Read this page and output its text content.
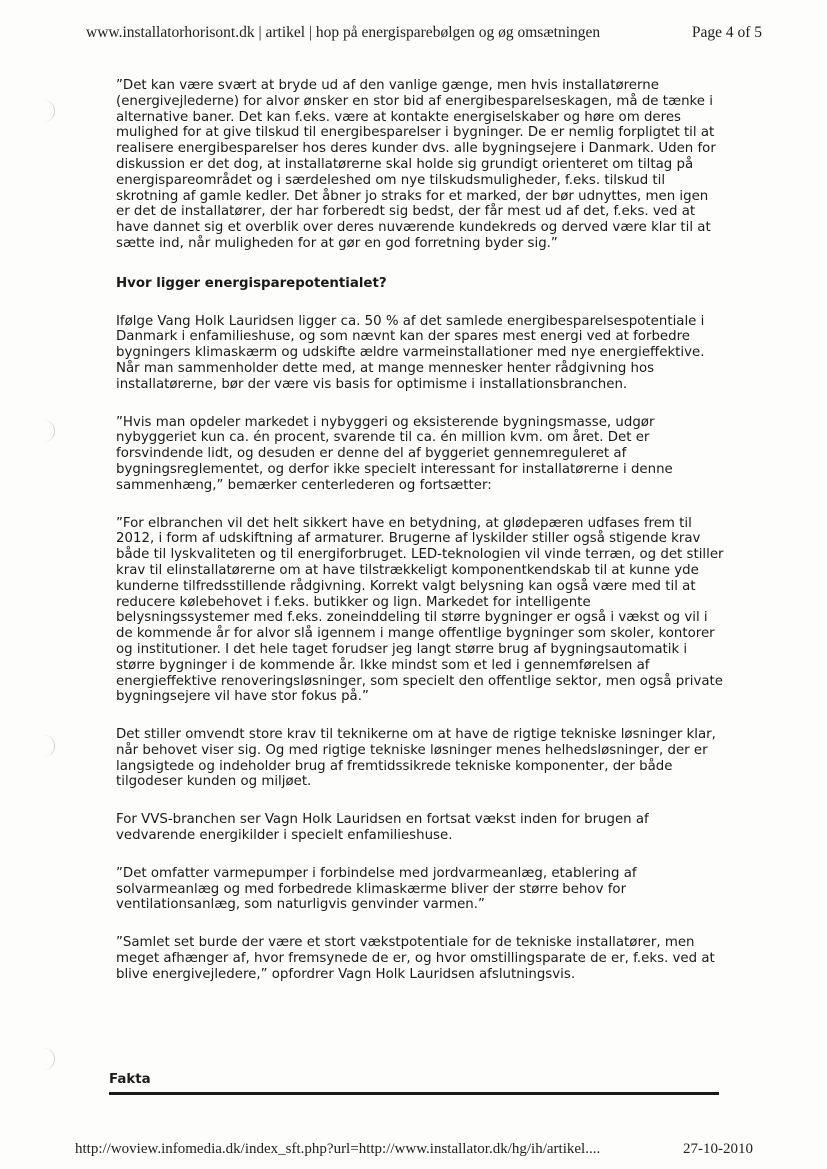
www.installatorhorisont.dk | artikel | hop på energisparebølgen og øg omsætningen	Page 4 of 5

”Det kan være svært at bryde ud af den vanlige gænge, men hvis installatørerne (energivejlederne) for alvor ønsker en stor bid af energibesparelseskagen, må de tænke i alternative baner. Det kan f.eks. være at kontakte energiselskaber og høre om deres mulighed for at give tilskud til energibesparelser i bygninger. De er nemlig forpligtet til at realisere energibesparelser hos deres kunder dvs. alle bygningsejere i Danmark. Uden for diskussion er det dog, at installatørerne skal holde sig grundigt orienteret om tiltag på energispareområdet og i særdeleshed om nye tilskudsmuligheder, f.eks. tilskud til skrotning af gamle kedler. Det åbner jo straks for et marked, der bør udnyttes, men igen er det de installatører, der har forberedt sig bedst, der får mest ud af det, f.eks. ved at have dannet sig et overblik over deres nuværende kundekreds og derved være klar til at sætte ind, når muligheden for at gør en god forretning byder sig.”

Hvor ligger energisparepotentialet?

Ifølge Vang Holk Lauridsen ligger ca. 50 % af det samlede energibesparelsespotentiale i Danmark i enfamilieshuse, og som nævnt kan der spares mest energi ved at forbedre bygningers klimaskærm og udskifte ældre varmeinstallationer med nye energieffektive. Når man sammenholder dette med, at mange mennesker henter rådgivning hos installatørerne, bør der være vis basis for optimisme i installationsbranchen.

”Hvis man opdeler markedet i nybyggeri og eksisterende bygningsmasse, udgør nybyggeriet kun ca. én procent, svarende til ca. én million kvm. om året. Det er forsvindende lidt, og desuden er denne del af byggeriet gennemreguleret af bygningsreglementet, og derfor ikke specielt interessant for installatørerne i denne sammenhæng,” bemærker centerlederen og fortsætter:

”For elbranchen vil det helt sikkert have en betydning, at glødepæren udfases frem til 2012, i form af udskiftning af armaturer. Brugerne af lyskilder stiller også stigende krav både til lyskvaliteten og til energiforbruget. LED-teknologien vil vinde terræn, og det stiller krav til elinstallatørerne om at have tilstrækkeligt komponentkendskab til at kunne yde kunderne tilfredsstillende rådgivning. Korrekt valgt belysning kan også være med til at reducere kølebehovet i f.eks. butikker og lign. Markedet for intelligente belysningssystemer med f.eks. zoneinddeling til større bygninger er også i vækst og vil i de kommende år for alvor slå igennem i mange offentlige bygninger som skoler, kontorer og institutioner. I det hele taget forudser jeg langt større brug af bygningsautomatik i større bygninger i de kommende år. Ikke mindst som et led i gennemførelsen af energieffektive renoveringsløsninger, som specielt den offentlige sektor, men også private bygningsejere vil have stor fokus på.”

Det stiller omvendt store krav til teknikerne om at have de rigtige tekniske løsninger klar, når behovet viser sig. Og med rigtige tekniske løsninger menes helhedsløsninger, der er langsigtede og indeholder brug af fremtidssikrede tekniske komponenter, der både tilgodeser kunden og miljøet.

For VVS-branchen ser Vagn Holk Lauridsen en fortsat vækst inden for brugen af vedvarende energikilder i specielt enfamilieshuse.

”Det omfatter varmepumper i forbindelse med jordvarmeanlæg, etablering af solvarmeanlæg og med forbedrede klimaskærme bliver der større behov for ventilationsanlæg, som naturligvis genvinder varmen.”

”Samlet set burde der være et stort vækstpotentiale for de tekniske installatører, men meget afhænger af, hvor fremsynede de er, og hvor omstillingsparate de er, f.eks. ved at blive energivejledere,” opfordrer Vagn Holk Lauridsen afslutningsvis.

Fakta
http://woview.infomedia.dk/index_sft.php?url=http://www.installator.dk/hg/ih/artikel....	27-10-2010
